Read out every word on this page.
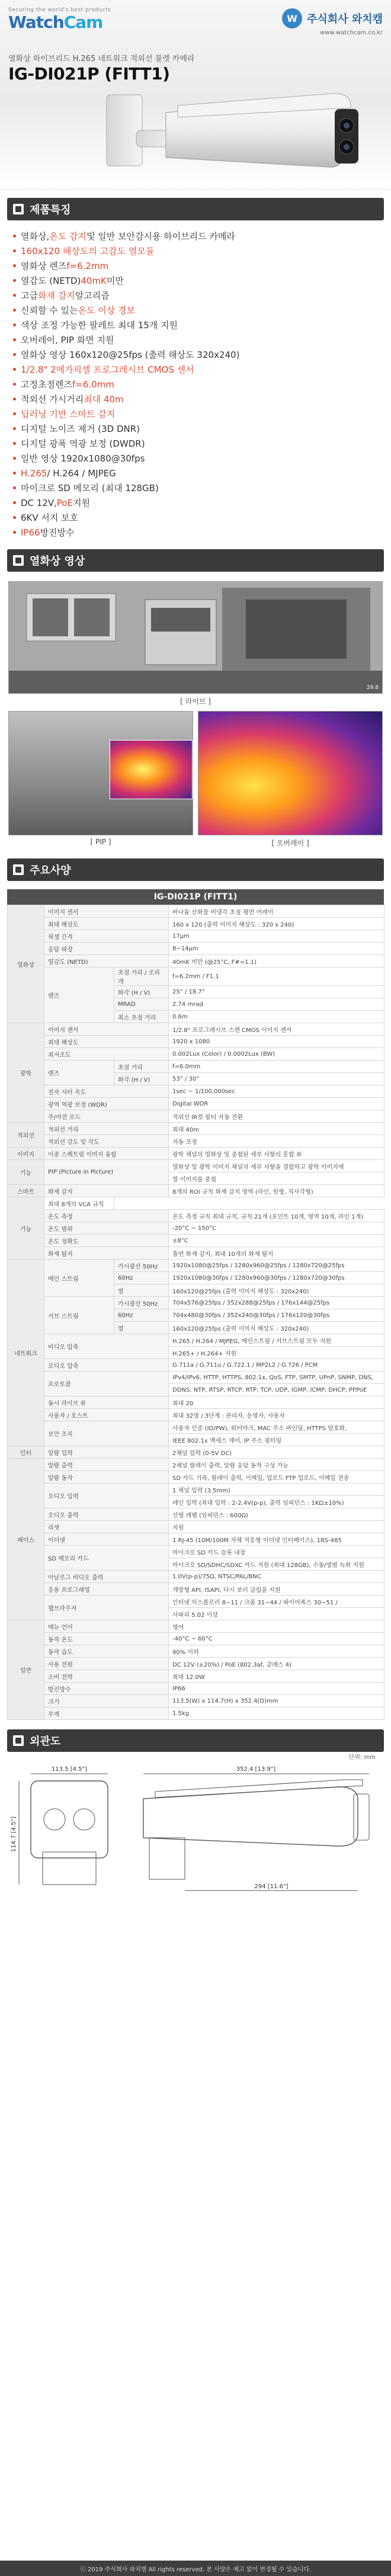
Securing the world's best products
WatchCam	W 주식회사 와치캠
www.watchcam.co.kr
열화상 하이브리드 H.265 네트워크 적외선 불렛 카메라
IG-DI021P (FITT1)
제품특징
열화상, 온도 감지 및 일반 보안감시용 하이브리드 카메라
160x120 해상도의 고감도 열모듈
열화상 렌즈 f=6.2mm
열감도 (NETD) 40mK 미만
고급 화재 감지 알고리즘
신뢰할 수 있는 온도 이상 경보
색상 조정 가능한 팔레트 최대 15개 지원
오버레이, PIP 화면 지원
열화상 영상 160x120@25fps (출력 해상도 320x240)
1/2.8" 2메가픽셀 프로그레시브 CMOS 센서
고정초점렌즈 f=6.0mm
적외선 가시거리 최대 40m
딥러닝 기반 스마트 감지
디지털 노이즈 제거 (3D DNR)
디지털 광폭 역광 보정 (DWDR)
일반 영상 1920x1080@30fps
H.265 / H.264 / MJPEG
마이크로 SD 메모리 (최대 128GB)
DC 12V, PoE 지원
6KV 서지 보호
IP66 방진방수
열화상 영상
29.8
[ 라이브 ]
[ PIP ]	[ 오버레이 ]
주요사양
IG-DI021P (FITT1)
열화상	이미지 센서		바나듐 산화물 비냉각 초점 평면 어레이
	최대 해상도		160 x 120 (출력 이미지 해상도 : 320 x 240)
	픽셀 간격		17μm
	응답 파장		8~14μm
	열감도 (NETD)		40mK 미만 (@25°C, F#=1.1)
	렌즈	초점 거리 / 조리개	f=6.2mm / F1.1
		화각 (H / V)	25° / 18.7°
		MRAD	2.74 mrad
		최소 초점 거리	0.6m
광학	이미지 센서		1/2.8" 프로그레시브 스캔 CMOS 이미지 센서
	최대 해상도		1920 x 1080
	최저조도		0.002Lux (Color) / 0.0002Lux (BW)
	렌즈	초점 거리	f=6.0mm
		화각 (H / V)	53° / 30°
	전자 셔터 속도		1sec ~ 1/100,000sec
	광역 역광 보정 (WDR)		Digital WDR
	주/야전 모드		적외선 IR컷 필터 자동 전환
적외선	적외선 거리		최대 40m
	적외선 강도 및 각도		자동 조정
이미지	이중 스펙트럼 이미지 융합		광학 채널의 열화상 및 중첩된 세부 사항의 혼합 뷰
기능	PIP (Picture in Picture)		열화상 및 광학 이미지 채널의 세부 사항을 결합하고 광학 이미지에
			열 이미지를 중첩
스마트	화재 감지		8개의 ROI 규칙 화재 감지 영역 (라인, 원형, 직사각형)
기능	최대 8개의 VCA 규칙		
	온도 측정		온도 측정 규칙 최대 규칙, 규칙 21개 (포인트 10개, 영역 10개, 라인 1개)
	온도 범위		-20°C ~ 150°C
	온도 정확도		±8°C
	화재 탐지		흡연 화재 감지, 최대 10개의 화재 탐지
네트워크	메인 스트림	가시광선 50Hz	1920x1080@25fps / 1280x960@25fps / 1280x720@25fps
		60Hz	1920x1080@30fps / 1280x960@30fps / 1280x720@30fps
		열	160x120@25fps (출력 이미지 해상도 : 320x240)
	서브 스트림	가시광선 50Hz	704x576@25fps / 352x288@25fps / 176x144@25fps
		60Hz	704x480@30fps / 352x240@30fps / 176x120@30fps
		열	160x120@25fps (출력 이미지 해상도 : 320x240)
	비디오 압축		H.265 / H.264 / MJPEG, 메인스트림 / 서브스트림 모두 지원
			H.265+ / H.264+ 지원
	오디오 압축		G.711a / G.711u / G.722.1 / MP2L2 / G.726 / PCM
	프로토콜		IPv4/IPv6, HTTP, HTTPS, 802.1x, QoS, FTP, SMTP, UPnP, SNMP, DNS,
			DDNS, NTP, RTSP, RTCP, RTP, TCP, UDP, IGMP, ICMP, DHCP, PPPoE
	동시 라이브 뷰		최대 20
	사용자 / 호스트		최대 32명 / 3단계 : 관리자, 운영자, 사용자
	보안 조치		사용자 인증 (ID/PW), 워터마크, MAC 주소 바인딩, HTTPS 암호화,
			IEEE 802.1x 액세스 제어, IP 주소 필터링
인터	알람 입력		2채널 입력 (0-5V DC)
페이스	알람 출력		2채널 릴레이 출력, 알람 응답 동작 구성 가능
	알람 동작		SD 카드 기록, 릴레이 출력, 이메일, 업로드 FTP 업로드, 이메일 전송
	오디오 입력		1 채널 입력 (3.5mm)
			레인 입력 (최대 입력 : 2-2.4V(p-p), 출력 임피던스 : 1KΩ±10%)
	오디오 출력		선형 레벨 (임피던스 : 600Ω)
	리셋		지원
	이더넷		1 RJ-45 (10M/100M 자체 적응형 이더넷 인터페이스), 1RS-485
	SD 메모리 카드		마이크로 SD 카드 슬롯 내장
			마이크로 SD/SDHC/SDXC 카드 지원 (최대 128GB), 수동/엘범 녹화 지원
	아날로그 비디오 출력		1.0V(p-p)/75Ω, NTSC/PAL/BNC
	응용 프로그래밍		개방형 API, ISAPI, 다시 보러 클립을 지원
	웹브라우저		인터넷 익스플로러 8~11 / 크롬 31~44 / 파이어폭스 30~51 /
			사파리 5.02 이상
일반	메뉴 언어		영어
	동작 온도		-40°C ~ 60°C
	동작 습도		90% 이하
	사용 전원		DC 12V (±20%) / PoE (802.3af, 클래스 4)
	소비 전력		최대 12.0W
	방진방수		IP66
	크기		113.5(W) x 114.7(H) x 352.4(D)mm
	무게		1.5kg
외관도
단위: mm
113.5 [4.5"]
114.7 [4.5"]
352.4 [13.9"]
294 [11.6"]
ⓒ 2019 주식회사 와치캠 All rights reserved. 본 사양은 예고 없이 변경될 수 있습니다.
